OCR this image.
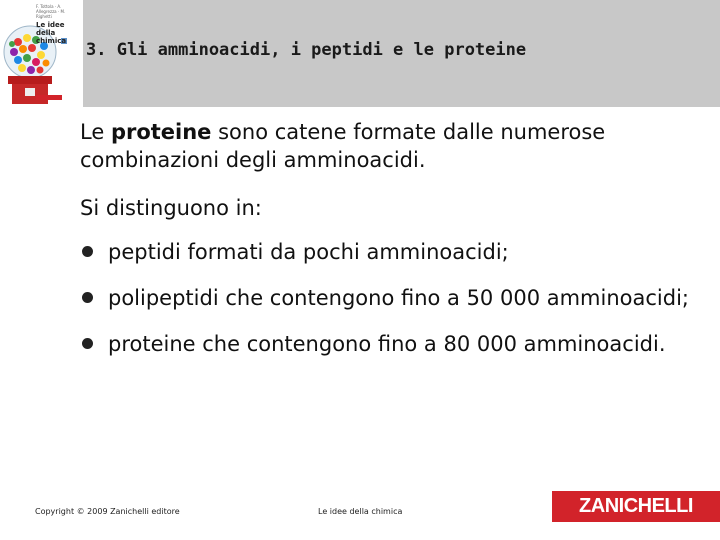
F. Tottola · A. Allegrezza · M. Righetti
Le idee della chimica	3. Gli amminoacidi, i peptidi e le proteine

Le proteine sono catene formate dalle numerose combinazioni degli amminoacidi.

Si distinguono in:

peptidi formati da pochi amminoacidi;
polipeptidi che contengono fino a 50 000 amminoacidi;
proteine che contengono fino a 80 000 amminoacidi.
Copyright © 2009 Zanichelli editore	Le idee della chimica	ZANICHELLI
